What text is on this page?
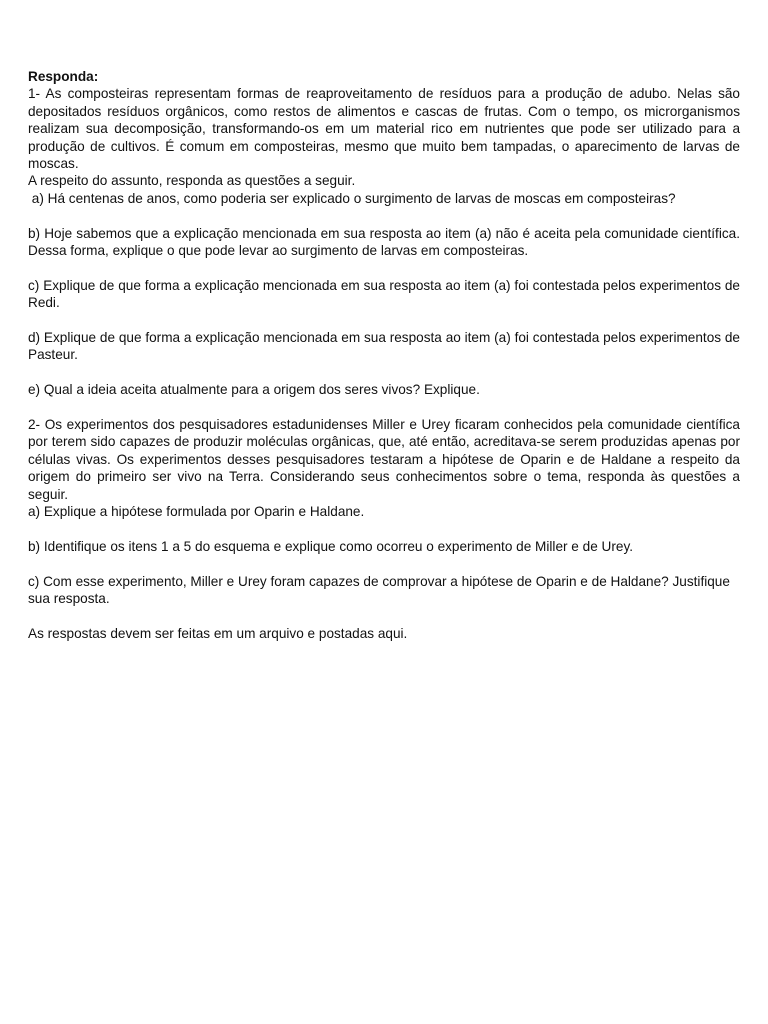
Responda:

1- As composteiras representam formas de reaproveitamento de resíduos para a produção de adubo. Nelas são depositados resíduos orgânicos, como restos de alimentos e cascas de frutas. Com o tempo, os microrganismos realizam sua decomposição, transformando-os em um material rico em nutrientes que pode ser utilizado para a produção de cultivos. É comum em composteiras, mesmo que muito bem tampadas, o aparecimento de larvas de moscas.

A respeito do assunto, responda as questões a seguir.

a) Há centenas de anos, como poderia ser explicado o surgimento de larvas de moscas em composteiras?

b) Hoje sabemos que a explicação mencionada em sua resposta ao item (a) não é aceita pela comunidade científica. Dessa forma, explique o que pode levar ao surgimento de larvas em composteiras.

c) Explique de que forma a explicação mencionada em sua resposta ao item (a) foi contestada pelos experimentos de Redi.

d) Explique de que forma a explicação mencionada em sua resposta ao item (a) foi contestada pelos experimentos de Pasteur.

e) Qual a ideia aceita atualmente para a origem dos seres vivos? Explique.

2- Os experimentos dos pesquisadores estadunidenses Miller e Urey ficaram conhecidos pela comunidade científica por terem sido capazes de produzir moléculas orgânicas, que, até então, acreditava-se serem produzidas apenas por células vivas. Os experimentos desses pesquisadores testaram a hipótese de Oparin e de Haldane a respeito da origem do primeiro ser vivo na Terra. Considerando seus conhecimentos sobre o tema, responda às questões a seguir.

a) Explique a hipótese formulada por Oparin e Haldane.

b) Identifique os itens 1 a 5 do esquema e explique como ocorreu o experimento de Miller e de Urey.

c) Com esse experimento, Miller e Urey foram capazes de comprovar a hipótese de Oparin e de Haldane? Justifique sua resposta.

As respostas devem ser feitas em um arquivo e postadas aqui.
